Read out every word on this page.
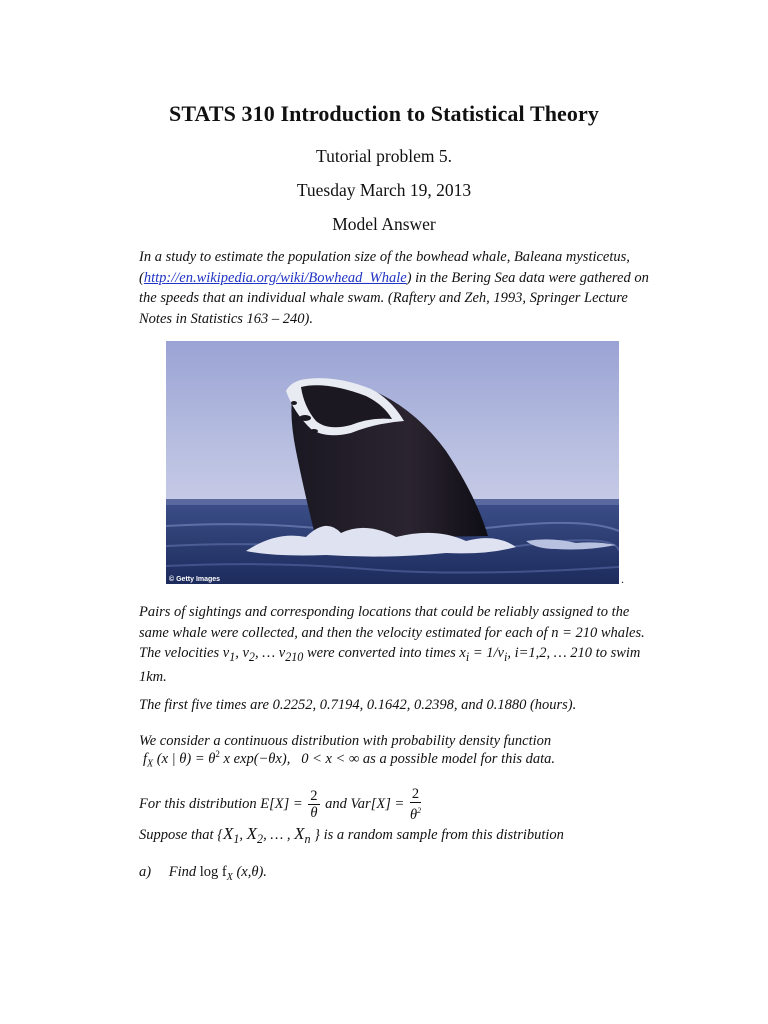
STATS 310 Introduction to Statistical Theory
Tutorial problem 5.
Tuesday March 19, 2013
Model Answer
In a study to estimate the population size of the bowhead whale, Baleana mysticetus, (http://en.wikipedia.org/wiki/Bowhead_Whale) in the Bering Sea data were gathered on the speeds that an individual whale swam. (Raftery and Zeh, 1993, Springer Lecture Notes in Statistics 163 – 240).
© Getty Images	.
Pairs of sightings and corresponding locations that could be reliably assigned to the same whale were collected, and then the velocity estimated for each of n = 210 whales. The velocities $v_1$, $v_2$, … $v_{210}$ were converted into times $x_i = 1/v_i$, i=1,2, … 210 to swim 1km.
The first five times are 0.2252, 0.7194, 0.1642, 0.2398, and 0.1880 (hours).
We consider a continuous distribution with probability density function
$f_X$ (x | $\theta) = \theta^2$ x exp(−θx), 0 < x < ∞ as a possible model for this data.
For this distribution $E[X] = \frac{2}{\theta}$ and $Var[X] = \frac{2}{\theta^2}$
Suppose that {$X_1$, $X_2$, … , $X_n$ } is a random sample from this distribution
a) Find $\log f_X$ (x,θ).
